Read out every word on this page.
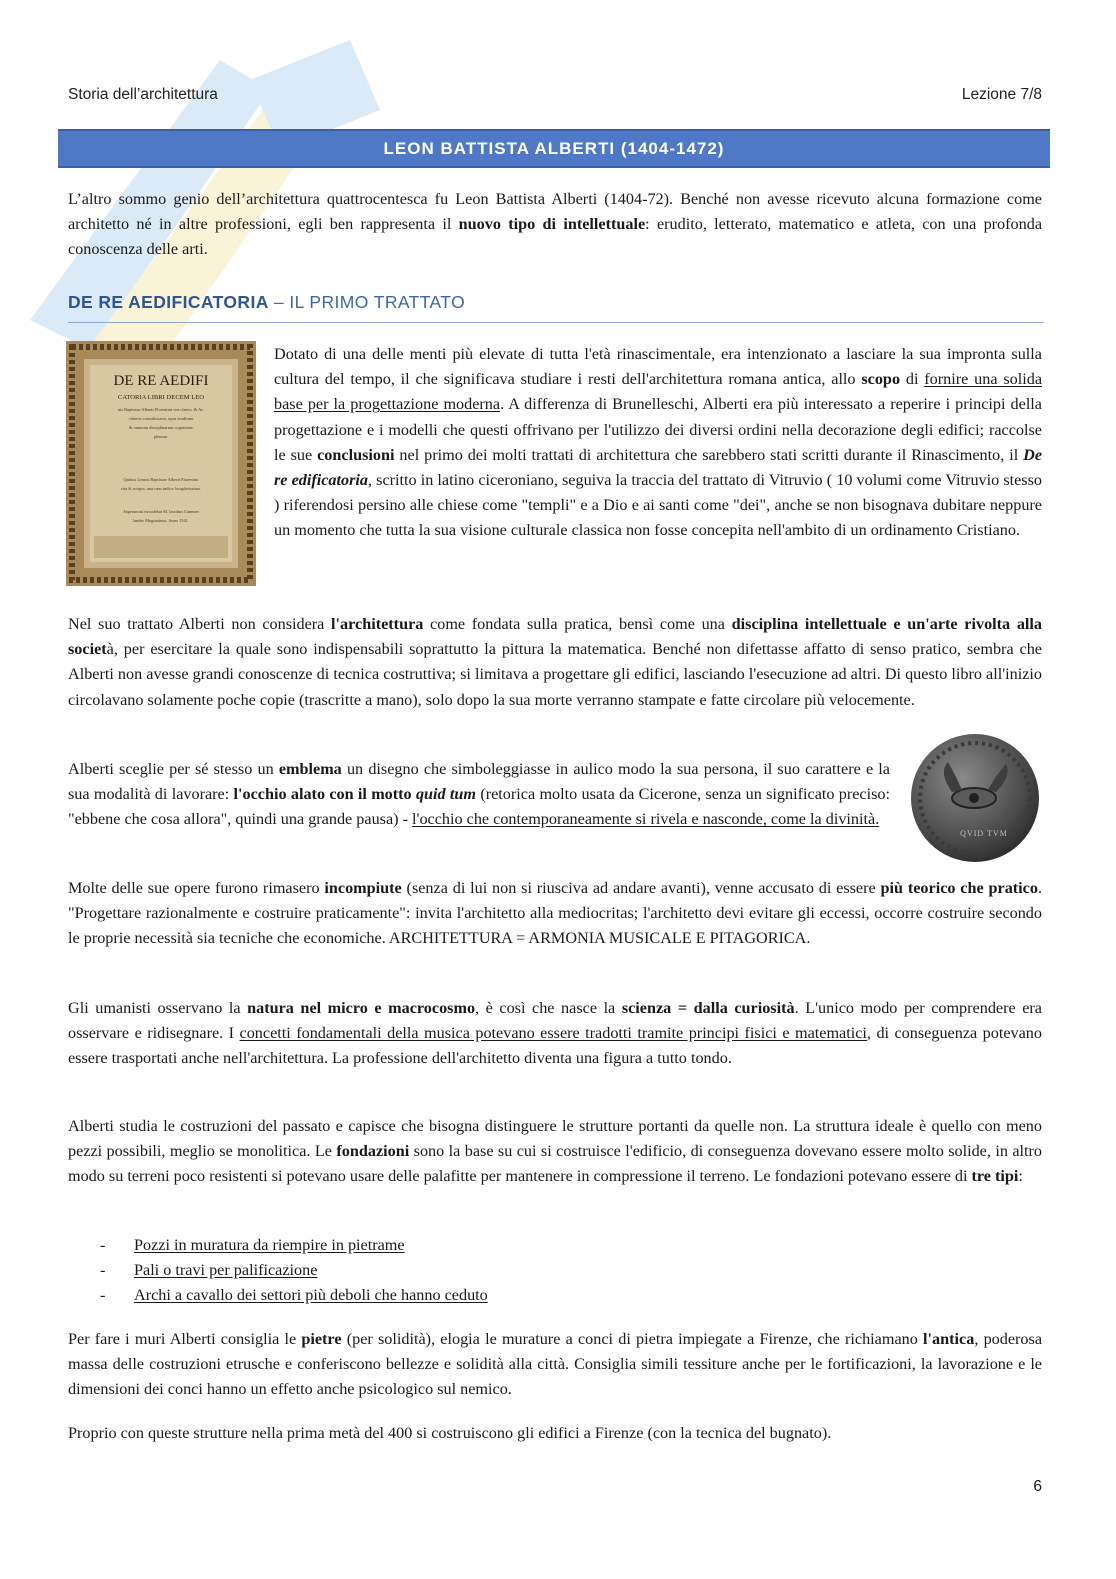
Storia dell’architettura	Lezione 7/8
LEON BATTISTA ALBERTI (1404-1472)

L’altro sommo genio dell’architettura quattrocentesca fu Leon Battista Alberti (1404-72). Benché non avesse ricevuto alcuna formazione come architetto né in altre professioni, egli ben rappresenta il nuovo tipo di intellettuale: erudito, letterato, matematico e atleta, con una profonda conoscenza delle arti.

DE RE AEDIFICATORIA – IL PRIMO TRATTATO
DE RE AEDIFI
CATORIA LIBRI DECEM LEO
nis Baptistae Alberti Florentini viri clariss. & Ar-
chitecti consultissimi, opus eruditum
& omnium disciplinarum cognitione
plenum.
Quibus Leonis Baptistae Alberti Florentini
vita & scripta, una cum indice locupletissimo.
Argentorati excudebat M. Iacobus Cammer
lander Moguntinus. Anno 1541.

Dotato di una delle menti più elevate di tutta l'età rinascimentale, era intenzionato a lasciare la sua impronta sulla cultura del tempo, il che significava studiare i resti dell'architettura romana antica, allo scopo di fornire una solida base per la progettazione moderna. A differenza di Brunelleschi, Alberti era più interessato a reperire i principi della progettazione e i modelli che questi offrivano per l'utilizzo dei diversi ordini nella decorazione degli edifici; raccolse le sue conclusioni nel primo dei molti trattati di architettura che sarebbero stati scritti durante il Rinascimento, il De re edificatoria, scritto in latino ciceroniano, seguiva la traccia del trattato di Vitruvio ( 10 volumi come Vitruvio stesso ) riferendosi persino alle chiese come "templi" e a Dio e ai santi come "dei", anche se non bisognava dubitare neppure un momento che tutta la sua visione culturale classica non fosse concepita nell'ambito di un ordinamento Cristiano.

Nel suo trattato Alberti non considera l'architettura come fondata sulla pratica, bensì come una disciplina intellettuale e un'arte rivolta alla società, per esercitare la quale sono indispensabili soprattutto la pittura la matematica. Benché non difettasse affatto di senso pratico, sembra che Alberti non avesse grandi conoscenze di tecnica costruttiva; si limitava a progettare gli edifici, lasciando l'esecuzione ad altri. Di questo libro all'inizio circolavano solamente poche copie (trascritte a mano), solo dopo la sua morte verranno stampate e fatte circolare più velocemente.

Alberti sceglie per sé stesso un emblema un disegno che simboleggiasse in aulico modo la sua persona, il suo carattere e la sua modalità di lavorare: l'occhio alato con il motto quid tum (retorica molto usata da Cicerone, senza un significato preciso: "ebbene che cosa allora", quindi una grande pausa) - l'occhio che contemporaneamente si rivela e nasconde, come la divinità.

QVID TVM

Molte delle sue opere furono rimasero incompiute (senza di lui non si riusciva ad andare avanti), venne accusato di essere più teorico che pratico. "Progettare razionalmente e costruire praticamente": invita l'architetto alla mediocritas; l'architetto devi evitare gli eccessi, occorre costruire secondo le proprie necessità sia tecniche che economiche. ARCHITETTURA = ARMONIA MUSICALE E PITAGORICA.

Gli umanisti osservano la natura nel micro e macrocosmo, è così che nasce la scienza = dalla curiosità. L'unico modo per comprendere era osservare e ridisegnare. I concetti fondamentali della musica potevano essere tradotti tramite principi fisici e matematici, di conseguenza potevano essere trasportati anche nell'architettura. La professione dell'architetto diventa una figura a tutto tondo.

Alberti studia le costruzioni del passato e capisce che bisogna distinguere le strutture portanti da quelle non. La struttura ideale è quello con meno pezzi possibili, meglio se monolitica. Le fondazioni sono la base su cui si costruisce l'edificio, di conseguenza dovevano essere molto solide, in altro modo su terreni poco resistenti si potevano usare delle palafitte per mantenere in compressione il terreno. Le fondazioni potevano essere di tre tipi:

- Pozzi in muratura da riempire in pietrame
- Pali o travi per palificazione
- Archi a cavallo dei settori più deboli che hanno ceduto

Per fare i muri Alberti consiglia le pietre (per solidità), elogia le murature a conci di pietra impiegate a Firenze, che richiamano l'antica, poderosa massa delle costruzioni etrusche e conferiscono bellezze e solidità alla città. Consiglia simili tessiture anche per le fortificazioni, la lavorazione e le dimensioni dei conci hanno un effetto anche psicologico sul nemico.

Proprio con queste strutture nella prima metà del 400 si costruiscono gli edifici a Firenze (con la tecnica del bugnato).

6
